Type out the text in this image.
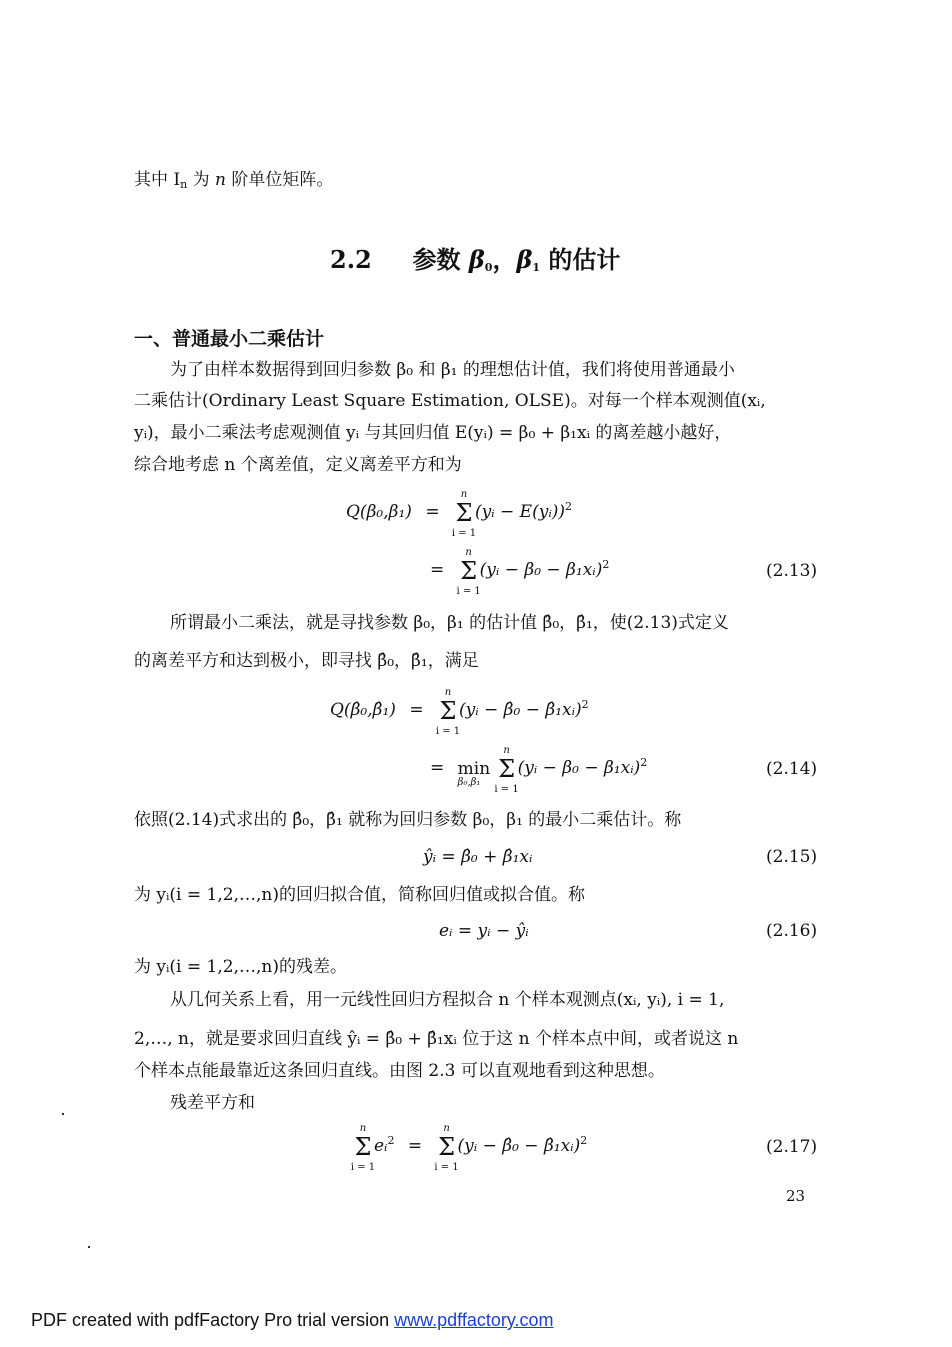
其中 $I_n$ 为 n 阶单位矩阵。
2.2 参数 $\beta_0$，$\beta_1$ 的估计
一、普通最小二乘估计
为了由样本数据得到回归参数 β₀ 和 β₁ 的理想估计值，我们将使用普通最小
二乘估计(Ordinary Least Square Estimation, OLSE)。对每一个样本观测值(xᵢ,
yᵢ)，最小二乘法考虑观测值 yᵢ 与其回归值 E(yᵢ) = β₀ + β₁xᵢ 的离差越小越好，
综合地考虑 n 个离差值，定义离差平方和为
Q(β₀,β₁) =
n
Σ
i = 1
(yᵢ − E(yᵢ))$^2$
=
n
Σ
i = 1
(yᵢ − β₀ − β₁xᵢ)$^2$	(2.13)
所谓最小二乘法，就是寻找参数 β₀，β₁ 的估计值 β̂₀，β̂₁，使(2.13)式定义
的离差平方和达到极小，即寻找 β̂₀，β̂₁，满足
Q(β̂₀,β̂₁) =
n
Σ
i = 1
(yᵢ − β̂₀ − β̂₁xᵢ)$^2$
= min
β₀,β₁

n
Σ
i = 1
(yᵢ − β₀ − β₁xᵢ)$^2$	(2.14)
依照(2.14)式求出的 β̂₀，β̂₁ 就称为回归参数 β₀，β₁ 的最小二乘估计。称
ŷᵢ = β̂₀ + β̂₁xᵢ	(2.15)
为 yᵢ(i = 1,2,…,n)的回归拟合值，简称回归值或拟合值。称
eᵢ = yᵢ − ŷᵢ	(2.16)
为 yᵢ(i = 1,2,…,n)的残差。
从几何关系上看，用一元线性回归方程拟合 n 个样本观测点(xᵢ, yᵢ), i = 1,
2,…, n，就是要求回归直线 ŷᵢ = β̂₀ + β̂₁xᵢ 位于这 n 个样本点中间，或者说这 n
个样本点能最靠近这条回归直线。由图 2.3 可以直观地看到这种思想。
残差平方和
n
Σ
i = 1
eᵢ$^2$ =
n
Σ
i = 1
(yᵢ − β̂₀ − β̂₁xᵢ)$^2$	(2.17)
23
PDF created with pdfFactory Pro trial version www.pdffactory.com
